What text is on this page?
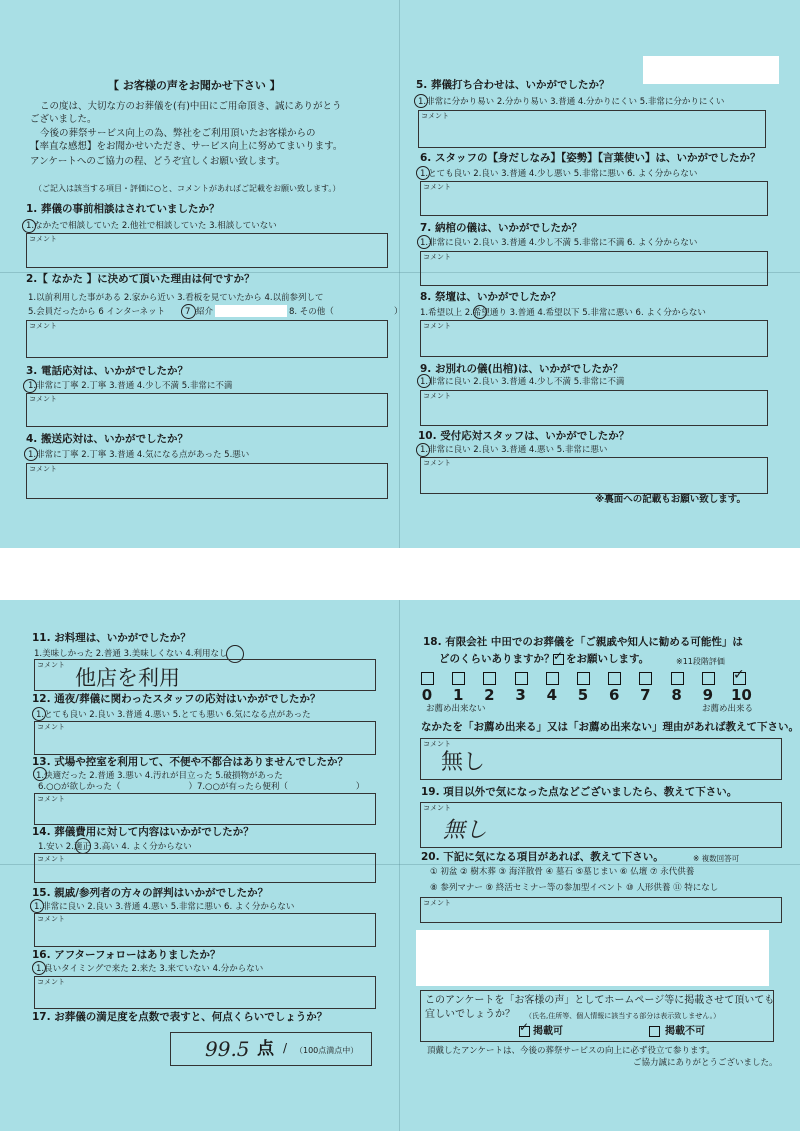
【 お客様の声をお聞かせ下さい 】
この度は、大切な方のお葬儀を(有)中田にご用命頂き、誠にありがとう
ございました。
今後の葬祭サービス向上の為、弊社をご利用頂いたお客様からの
【率直な感想】をお聞かせいただき、サービス向上に努めてまいります。
アンケートへのご協力の程、どうぞ宜しくお願い致します。
（ご記入は該当する項目・評価に○と、コメントがあればご記載をお願い致します。）
1. 葬儀の事前相談はされていましたか？
1.なかたで相談していた 2.他社で相談していた 3.相談していない
コメント
2.【 なかた 】に決めて頂いた理由は何ですか？
1.以前利用した事がある 2.家から近い 3.看板を見ていたから 4.以前参列して
5.会員だったから 6 インターネット 7 紹介	8. その他（	）
コメント
3. 電話応対は、いかがでしたか？
1.非常に丁寧 2.丁寧 3.普通 4.少し不満 5.非常に不満
コメント
4. 搬送応対は、いかがでしたか？
1.非常に丁寧 2.丁寧 3.普通 4.気になる点があった 5.悪い
コメント
5. 葬儀打ち合わせは、いかがでしたか？
1.非常に分かり易い 2.分かり易い 3.普通 4.分かりにくい 5.非常に分かりにくい
コメント
6. スタッフの【身だしなみ】【姿勢】【言葉使い】は、いかがでしたか？
1.とても良い 2.良い 3.普通 4.少し悪い 5.非常に悪い 6. よく分からない
コメント
7. 納棺の儀は、いかがでしたか？
1.非常に良い 2.良い 3.普通 4.少し不満 5.非常に不満 6. よく分からない
コメント
8. 祭壇は、いかがでしたか？
1.希望以上 2.希望通り 3.普通 4.希望以下 5.非常に悪い 6. よく分からない
コメント
9. お別れの儀(出棺)は、いかがでしたか？
1.非常に良い 2.良い 3.普通 4.少し不満 5.非常に不満
コメント
10. 受付応対スタッフは、いかがでしたか？
1.非常に良い 2.良い 3.普通 4.悪い 5.非常に悪い
コメント
※裏面への記載もお願い致します。
11. お料理は、いかがでしたか？
1.美味しかった 2.普通 3.美味しくない 4.利用なし
コメント
他店を利用
12. 通夜/葬儀に関わったスタッフの応対はいかがでしたか？
1.とても良い 2.良い 3.普通 4.悪い 5.とても悪い 6.気になる点があった
コメント
13. 式場や控室を利用して、不便や不都合はありませんでしたか？
1.快適だった 2.普通 3.悪い 4.汚れが目立った 5.破損物があった
6.○○が欲しかった（　　　　　　　　）7.○○が有ったら便利（　　　　　　　　）
コメント
14. 葬儀費用に対して内容はいかがでしたか？
1.安い 2.適正 3.高い 4. よく分からない
コメント
15. 親戚/参列者の方々の評判はいかがでしたか？
1.非常に良い 2.良い 3.普通 4.悪い 5.非常に悪い 6. よく分からない
コメント
16. アフターフォローはありましたか？
1.良いタイミングで来た 2.来た 3.来ていない 4.分からない
コメント
17. お葬儀の満足度を点数で表すと、何点くらいでしょうか？
99.5 点 / （100点満点中）
18. 有限会社 中田でのお葬儀を「ご親戚や知人に勧める可能性」は
どのくらいありますか？
✓ をお願いします。	※11段階評価
お薦め出来ない	お薦め出来る
なかたを「お薦め出来る」又は「お薦め出来ない」理由があれば教えて下さい。
コメント
無し
19. 項目以外で気になった点などございましたら、教えて下さい。
コメント
無し
20. 下記に気になる項目があれば、教えて下さい。	※ 複数回答可
① 初盆 ② 樹木葬 ③ 海洋散骨 ④ 墓石 ⑤墓じまい ⑥ 仏壇 ⑦ 永代供養
⑧ 参列マナー ⑨ 終活セミナー等の参加型イベント ⑩ 人形供養 ⑪ 特になし
コメント
このアンケートを「お客様の声」としてホームページ等に掲載させて頂いても
宜しいでしょうか？ （氏名,住所等、個人情報に該当する部分は表示致しません。）
✓ 掲載可	掲載不可
頂戴したアンケートは、今後の葬祭サービスの向上に必ず役立て参ります。
ご協力誠にありがとうございました。
0 1 2 3 4 5 6 7 8 9 10
✓
